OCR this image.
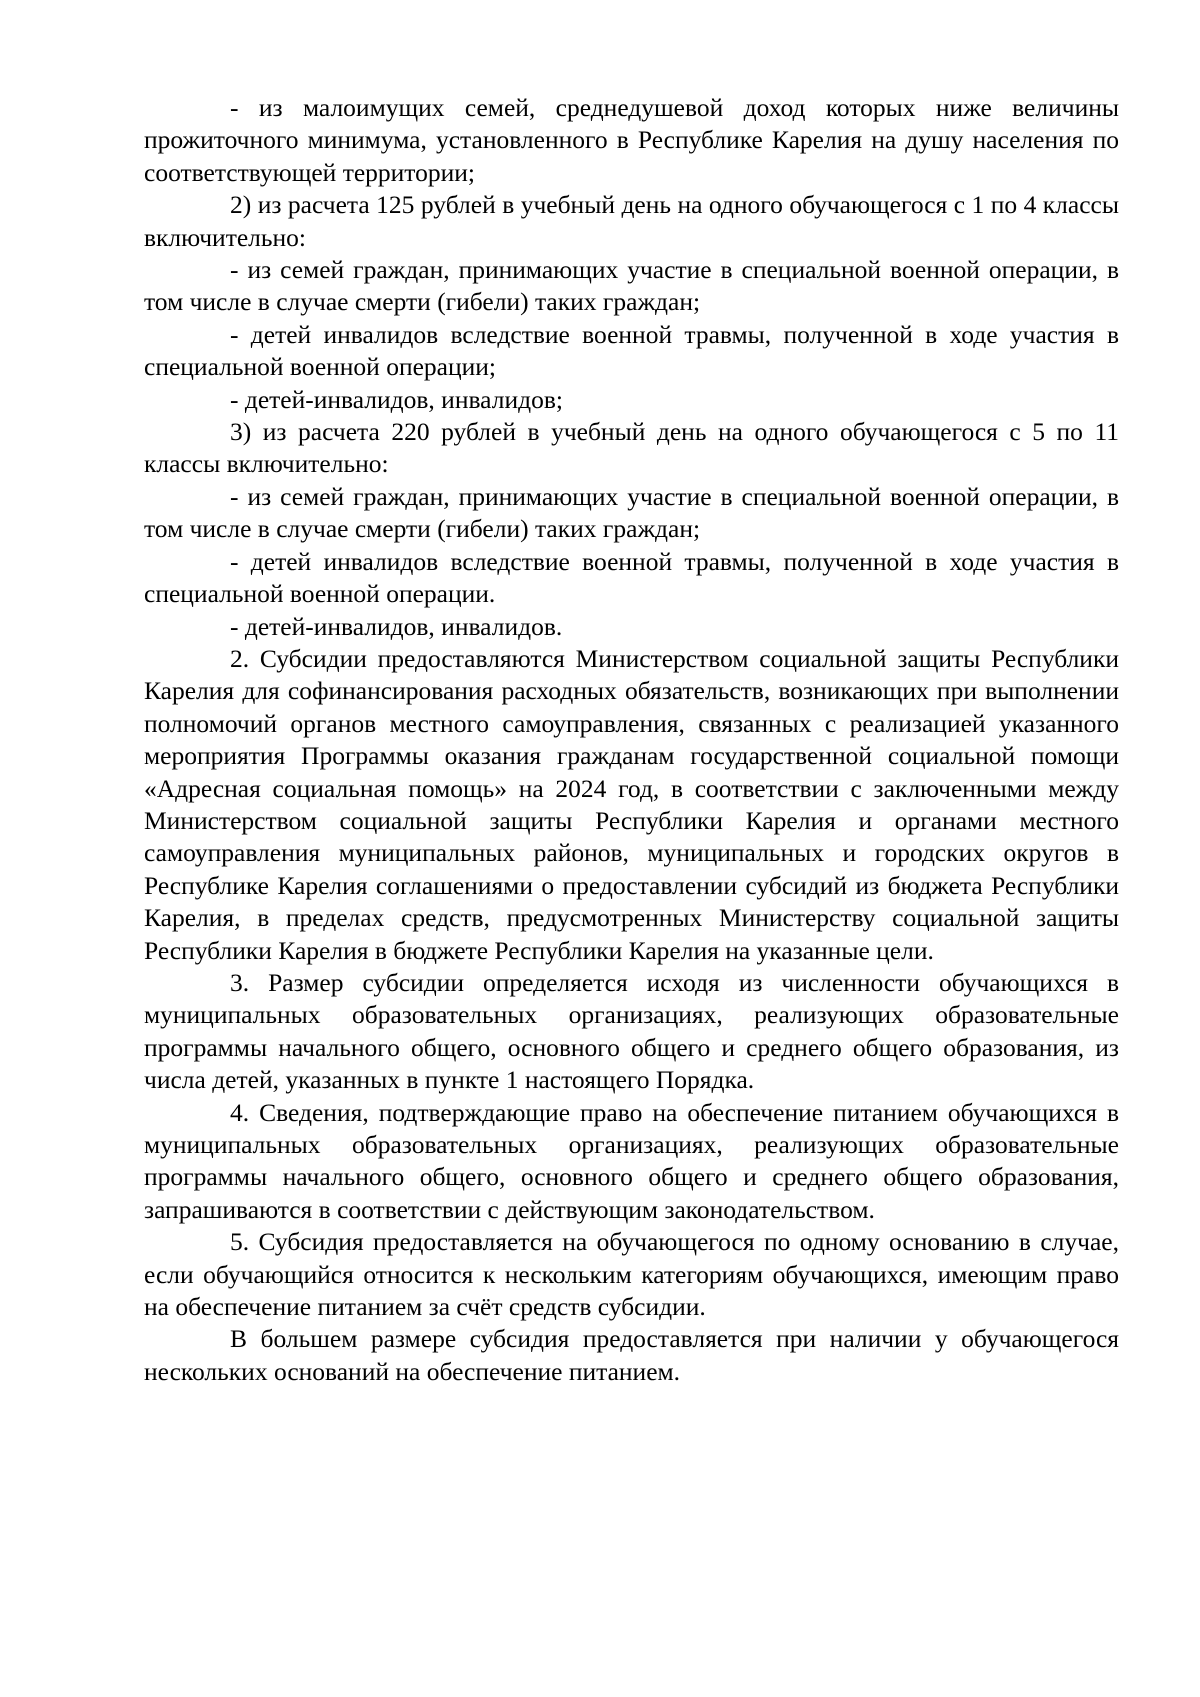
- из малоимущих семей, среднедушевой доход которых ниже величины прожиточного минимума, установленного в Республике Карелия на душу населения по соответствующей территории;

2) из расчета 125 рублей в учебный день на одного обучающегося с 1 по 4 классы включительно:

- из семей граждан, принимающих участие в специальной военной операции, в том числе в случае смерти (гибели) таких граждан;

- детей инвалидов вследствие военной травмы, полученной в ходе участия в специальной военной операции;

- детей-инвалидов, инвалидов;

3) из расчета 220 рублей в учебный день на одного обучающегося с 5 по 11 классы включительно:

- из семей граждан, принимающих участие в специальной военной операции, в том числе в случае смерти (гибели) таких граждан;

- детей инвалидов вследствие военной травмы, полученной в ходе участия в специальной военной операции.

- детей-инвалидов, инвалидов.

2. Субсидии предоставляются Министерством социальной защиты Республики Карелия для софинансирования расходных обязательств, возникающих при выполнении полномочий органов местного самоуправления, связанных с реализацией указанного мероприятия Программы оказания гражданам государственной социальной помощи «Адресная социальная помощь» на 2024 год, в соответствии с заключенными между Министерством социальной защиты Республики Карелия и органами местного самоуправления муниципальных районов, муниципальных и городских округов в Республике Карелия соглашениями о предоставлении субсидий из бюджета Республики Карелия, в пределах средств, предусмотренных Министерству социальной защиты Республики Карелия в бюджете Республики Карелия на указанные цели.

3. Размер субсидии определяется исходя из численности обучающихся в муниципальных образовательных организациях, реализующих образовательные программы начального общего, основного общего и среднего общего образования, из числа детей, указанных в пункте 1 настоящего Порядка.

4. Сведения, подтверждающие право на обеспечение питанием обучающихся в муниципальных образовательных организациях, реализующих образовательные программы начального общего, основного общего и среднего общего образования, запрашиваются в соответствии с действующим законодательством.

5. Субсидия предоставляется на обучающегося по одному основанию в случае, если обучающийся относится к нескольким категориям обучающихся, имеющим право на обеспечение питанием за счёт средств субсидии.

В большем размере субсидия предоставляется при наличии у обучающегося нескольких оснований на обеспечение питанием.
